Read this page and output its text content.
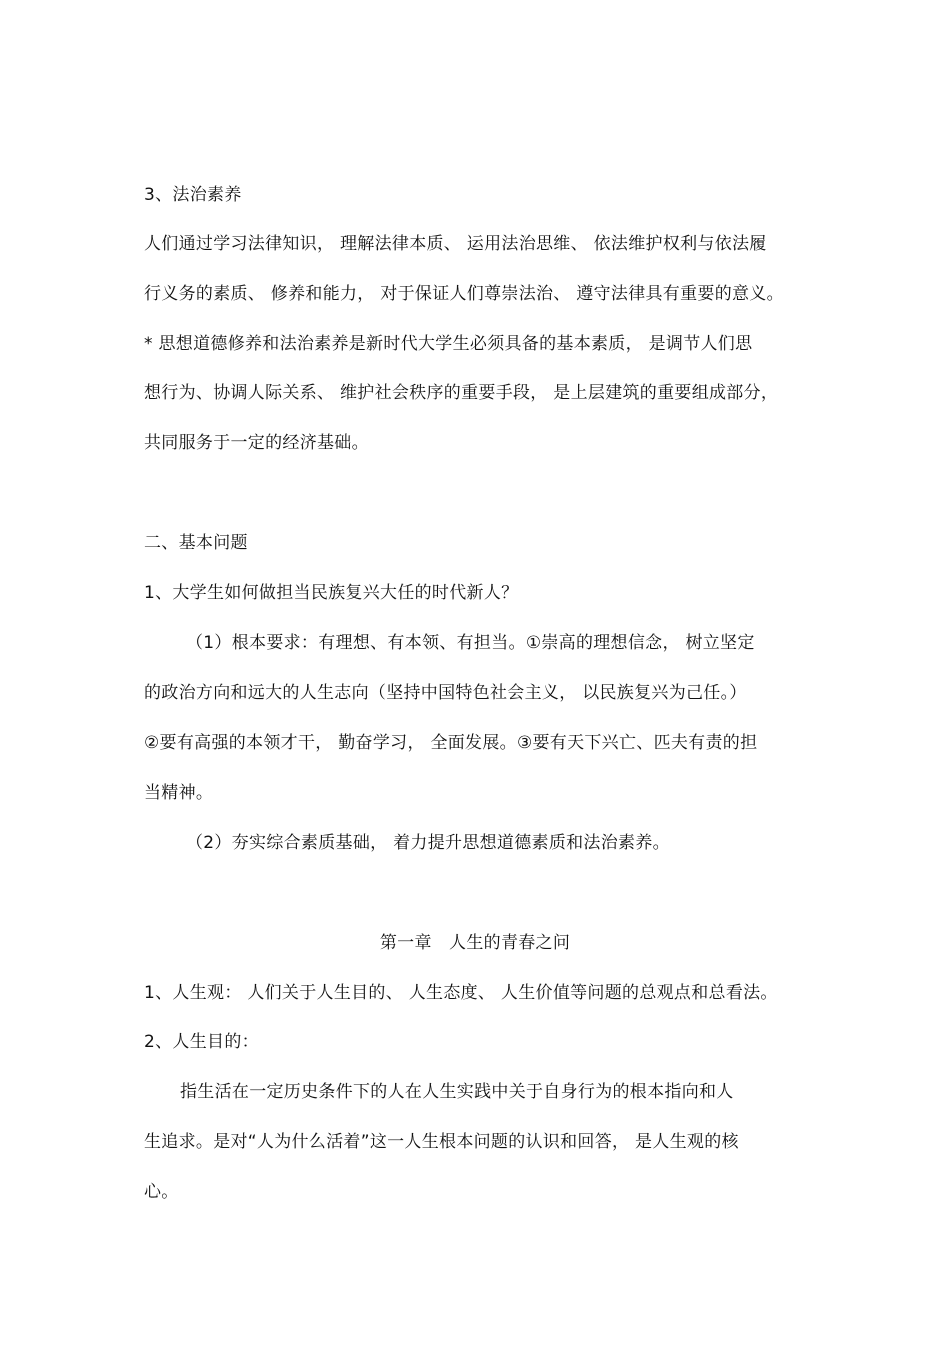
3、法治素养
人们通过学习法律知识， 理解法律本质、 运用法治思维、 依法维护权利与依法履
行义务的素质、 修养和能力， 对于保证人们尊崇法治、 遵守法律具有重要的意义。
* 思想道德修养和法治素养是新时代大学生必须具备的基本素质， 是调节人们思
想行为、协调人际关系、 维护社会秩序的重要手段， 是上层建筑的重要组成部分，
共同服务于一定的经济基础。
二、基本问题
1、大学生如何做担当民族复兴大任的时代新人？
（1）根本要求：有理想、有本领、有担当。①崇高的理想信念， 树立坚定
的政治方向和远大的人生志向（坚持中国特色社会主义， 以民族复兴为己任。）
②要有高强的本领才干， 勤奋学习， 全面发展。③要有天下兴亡、匹夫有责的担
当精神。
（2）夯实综合素质基础， 着力提升思想道德素质和法治素养。
第一章　人生的青春之问
1、人生观： 人们关于人生目的、 人生态度、 人生价值等问题的总观点和总看法。
2、人生目的：
指生活在一定历史条件下的人在人生实践中关于自身行为的根本指向和人
生追求。是对“人为什么活着”这一人生根本问题的认识和回答， 是人生观的核
心。
